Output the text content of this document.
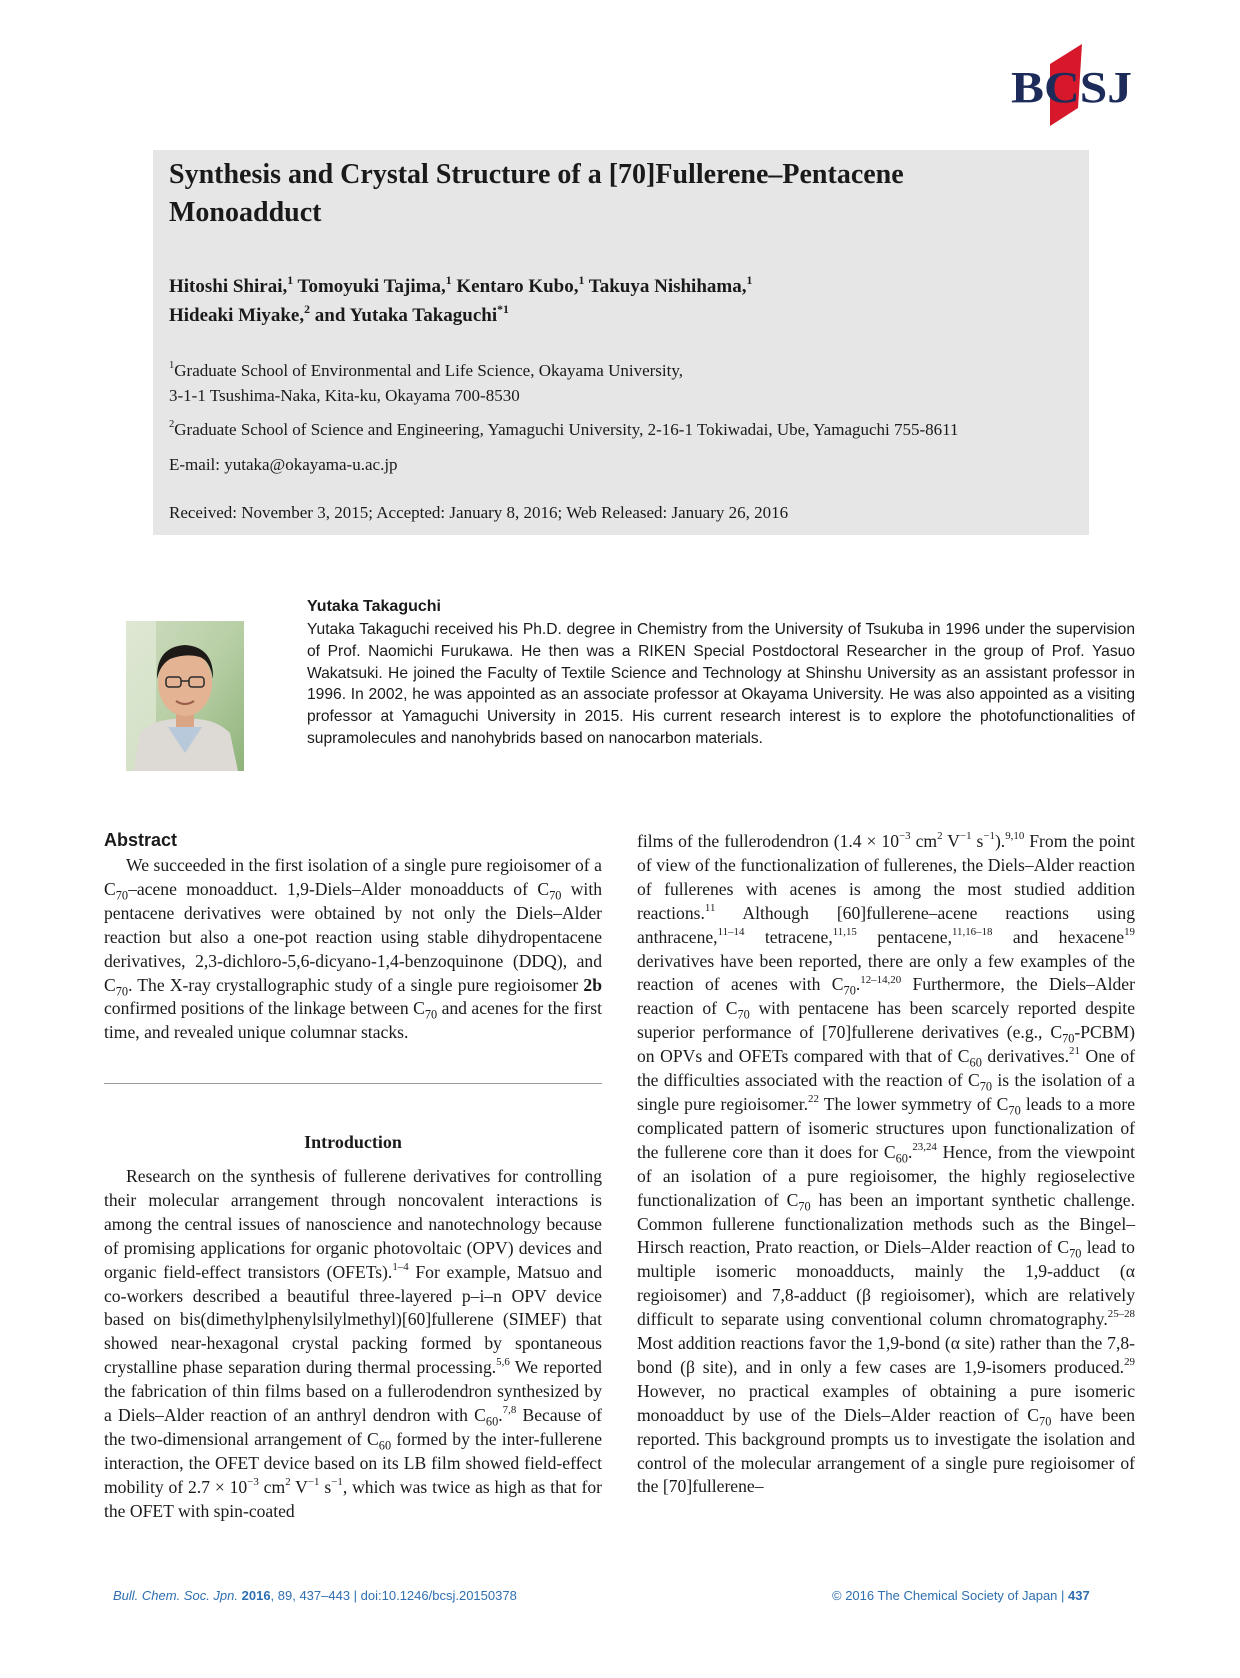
BCSJ
Synthesis and Crystal Structure of a [70]Fullerene–Pentacene Monoadduct
Hitoshi Shirai,$^1$ Tomoyuki Tajima,$^1$ Kentaro Kubo,$^1$ Takuya Nishihama,$^1$
Hideaki Miyake,$^2$ and Yutaka Takaguchi$^{*1}$
$^1$Graduate School of Environmental and Life Science, Okayama University,
3-1-1 Tsushima-Naka, Kita-ku, Okayama 700-8530
$^2$Graduate School of Science and Engineering, Yamaguchi University, 2-16-1 Tokiwadai, Ube, Yamaguchi 755-8611
E-mail: yutaka@okayama-u.ac.jp
Received: November 3, 2015; Accepted: January 8, 2016; Web Released: January 26, 2016
Yutaka Takaguchi
Yutaka Takaguchi received his Ph.D. degree in Chemistry from the University of Tsukuba in 1996 under the supervision of Prof. Naomichi Furukawa. He then was a RIKEN Special Postdoctoral Researcher in the group of Prof. Yasuo Wakatsuki. He joined the Faculty of Textile Science and Technology at Shinshu University as an assistant professor in 1996. In 2002, he was appointed as an associate professor at Okayama University. He was also appointed as a visiting professor at Yamaguchi University in 2015. His current research interest is to explore the photofunctionalities of supramolecules and nanohybrids based on nanocarbon materials.
Abstract

We succeeded in the first isolation of a single pure regioisomer of a $C_{70}$–acene monoadduct. 1,9-Diels–Alder monoadducts of $C_{70}$ with pentacene derivatives were obtained by not only the Diels–Alder reaction but also a one-pot reaction using stable dihydropentacene derivatives, 2,3-dichloro-5,6-dicyano-1,4-benzoquinone (DDQ), and $C_{70}$. The X-ray crystallographic study of a single pure regioisomer 2b confirmed positions of the linkage between $C_{70}$ and acenes for the first time, and revealed unique columnar stacks.

Introduction

Research on the synthesis of fullerene derivatives for controlling their molecular arrangement through noncovalent interactions is among the central issues of nanoscience and nanotechnology because of promising applications for organic photovoltaic (OPV) devices and organic field-effect transistors (OFETs).$^{1-4}$ For example, Matsuo and co-workers described a beautiful three-layered p–i–n OPV device based on bis(dimethylphenylsilylmethyl)[60]fullerene (SIMEF) that showed near-hexagonal crystal packing formed by spontaneous crystalline phase separation during thermal processing.$^{5,6}$ We reported the fabrication of thin films based on a fullerodendron synthesized by a Diels–Alder reaction of an anthryl dendron with $C_{60}.^{7,8}$ Because of the two-dimensional arrangement of $C_{60}$ formed by the inter-fullerene interaction, the OFET device based on its LB film showed field-effect mobility of $2.7 \times 10^{-3}$ $cm^2$ $V^{-1}$ $s^{-1}$, which was twice as high as that for the OFET with spin-coated

films of the fullerodendron ($1.4 \times 10^{-3}$ $cm^2$ $V^{-1}$ $s^{-1}).^{9,10}$ From the point of view of the functionalization of fullerenes, the Diels–Alder reaction of fullerenes with acenes is among the most studied addition reactions.$^{11}$ Although [60]fullerene–acene reactions using anthracene,$^{11-14}$ tetracene,$^{11,15}$ pentacene,$^{11,16-18}$ and hexacene$^{19}$ derivatives have been reported, there are only a few examples of the reaction of acenes with $C_{70}.^{12-14,20}$ Furthermore, the Diels–Alder reaction of $C_{70}$ with pentacene has been scarcely reported despite superior performance of [70]fullerene derivatives (e.g., $C_{70}-PCBM$) on OPVs and OFETs compared with that of $C_{60}$ derivatives.$^{21}$ One of the difficulties associated with the reaction of $C_{70}$ is the isolation of a single pure regioisomer.$^{22}$ The lower symmetry of $C_{70}$ leads to a more complicated pattern of isomeric structures upon functionalization of the fullerene core than it does for $C_{60}.^{23,24}$ Hence, from the viewpoint of an isolation of a pure regioisomer, the highly regioselective functionalization of $C_{70}$ has been an important synthetic challenge. Common fullerene functionalization methods such as the Bingel–Hirsch reaction, Prato reaction, or Diels–Alder reaction of $C_{70}$ lead to multiple isomeric monoadducts, mainly the 1,9-adduct (α regioisomer) and 7,8-adduct (β regioisomer), which are relatively difficult to separate using conventional column chromatography.$^{25-28}$ Most addition reactions favor the 1,9-bond (α site) rather than the 7,8-bond (β site), and in only a few cases are 1,9-isomers produced.$^{29}$ However, no practical examples of obtaining a pure isomeric monoadduct by use of the Diels–Alder reaction of $C_{70}$ have been reported. This background prompts us to investigate the isolation and control of the molecular arrangement of a single pure regioisomer of the [70]fullerene–

Bull. Chem. Soc. Jpn. 2016, 89, 437–443 | doi:10.1246/bcsj.20150378	© 2016 The Chemical Society of Japan | 437
